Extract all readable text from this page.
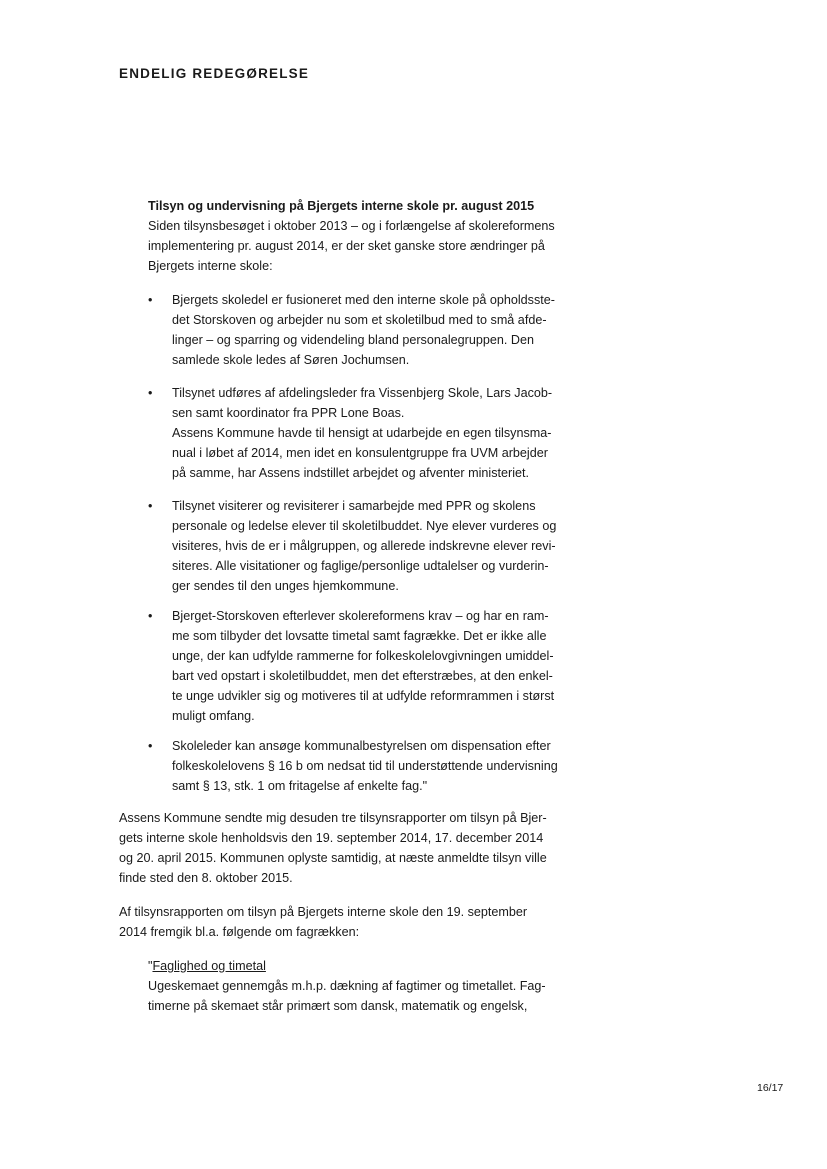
ENDELIG REDEGØRELSE
Tilsyn og undervisning på Bjergets interne skole pr. august 2015
Siden tilsynsbesøget i oktober 2013 – og i forlængelse af skolereformens
implementering pr. august 2014, er der sket ganske store ændringer på
Bjergets interne skole:
•	Bjergets skoledel er fusioneret med den interne skole på opholdsste-
det Storskoven og arbejder nu som et skoletilbud med to små afde-
linger – og sparring og videndeling bland personalegruppen. Den
samlede skole ledes af Søren Jochumsen.
•	Tilsynet udføres af afdelingsleder fra Vissenbjerg Skole, Lars Jacob-
sen samt koordinator fra PPR Lone Boas.
Assens Kommune havde til hensigt at udarbejde en egen tilsynsma-
nual i løbet af 2014, men idet en konsulentgruppe fra UVM arbejder
på samme, har Assens indstillet arbejdet og afventer ministeriet.
•	Tilsynet visiterer og revisiterer i samarbejde med PPR og skolens
personale og ledelse elever til skoletilbuddet. Nye elever vurderes og
visiteres, hvis de er i målgruppen, og allerede indskrevne elever revi-
siteres. Alle visitationer og faglige/personlige udtalelser og vurderin-
ger sendes til den unges hjemkommune.
•	Bjerget-Storskoven efterlever skolereformens krav – og har en ram-
me som tilbyder det lovsatte timetal samt fagrække. Det er ikke alle
unge, der kan udfylde rammerne for folkeskolelovgivningen umiddel-
bart ved opstart i skoletilbuddet, men det efterstræbes, at den enkel-
te unge udvikler sig og motiveres til at udfylde reformrammen i størst
muligt omfang.
•	Skoleleder kan ansøge kommunalbestyrelsen om dispensation efter
folkeskolelovens § 16 b om nedsat tid til understøttende undervisning
samt § 13, stk. 1 om fritagelse af enkelte fag."
Assens Kommune sendte mig desuden tre tilsynsrapporter om tilsyn på Bjer-
gets interne skole henholdsvis den 19. september 2014, 17. december 2014
og 20. april 2015. Kommunen oplyste samtidig, at næste anmeldte tilsyn ville
finde sted den 8. oktober 2015.
Af tilsynsrapporten om tilsyn på Bjergets interne skole den 19. september
2014 fremgik bl.a. følgende om fagrækken:
"Faglighed og timetal
Ugeskemaet gennemgås m.h.p. dækning af fagtimer og timetallet. Fag-
timerne på skemaet står primært som dansk, matematik og engelsk,
16/17
